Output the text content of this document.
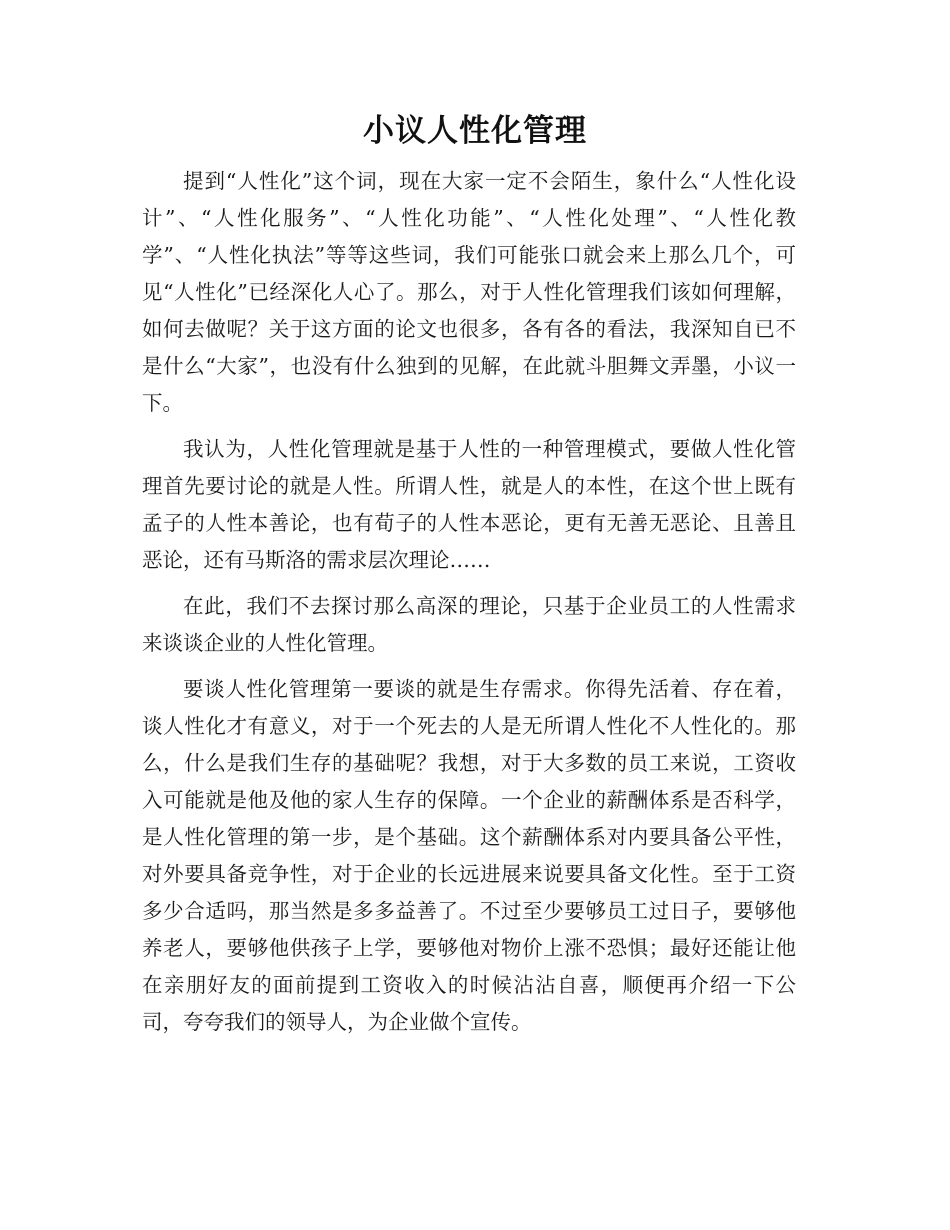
小议人性化管理

提到“人性化”这个词，现在大家一定不会陌生，象什么“人性化设计”、“人性化服务”、“人性化功能”、“人性化处理”、“人性化教学”、“人性化执法”等等这些词，我们可能张口就会来上那么几个，可见“人性化”已经深化人心了。那么，对于人性化管理我们该如何理解，如何去做呢？关于这方面的论文也很多，各有各的看法，我深知自已不是什么“大家”，也没有什么独到的见解，在此就斗胆舞文弄墨，小议一下。

我认为，人性化管理就是基于人性的一种管理模式，要做人性化管理首先要讨论的就是人性。所谓人性，就是人的本性，在这个世上既有孟子的人性本善论，也有荀子的人性本恶论，更有无善无恶论、且善且恶论，还有马斯洛的需求层次理论……

在此，我们不去探讨那么高深的理论，只基于企业员工的人性需求来谈谈企业的人性化管理。

要谈人性化管理第一要谈的就是生存需求。你得先活着、存在着，谈人性化才有意义，对于一个死去的人是无所谓人性化不人性化的。那么，什么是我们生存的基础呢？我想，对于大多数的员工来说，工资收入可能就是他及他的家人生存的保障。一个企业的薪酬体系是否科学，是人性化管理的第一步，是个基础。这个薪酬体系对内要具备公平性，对外要具备竞争性，对于企业的长远进展来说要具备文化性。至于工资多少合适吗，那当然是多多益善了。不过至少要够员工过日子，要够他养老人，要够他供孩子上学，要够他对物价上涨不恐惧；最好还能让他在亲朋好友的面前提到工资收入的时候沾沾自喜，顺便再介绍一下公司，夸夸我们的领导人，为企业做个宣传。
